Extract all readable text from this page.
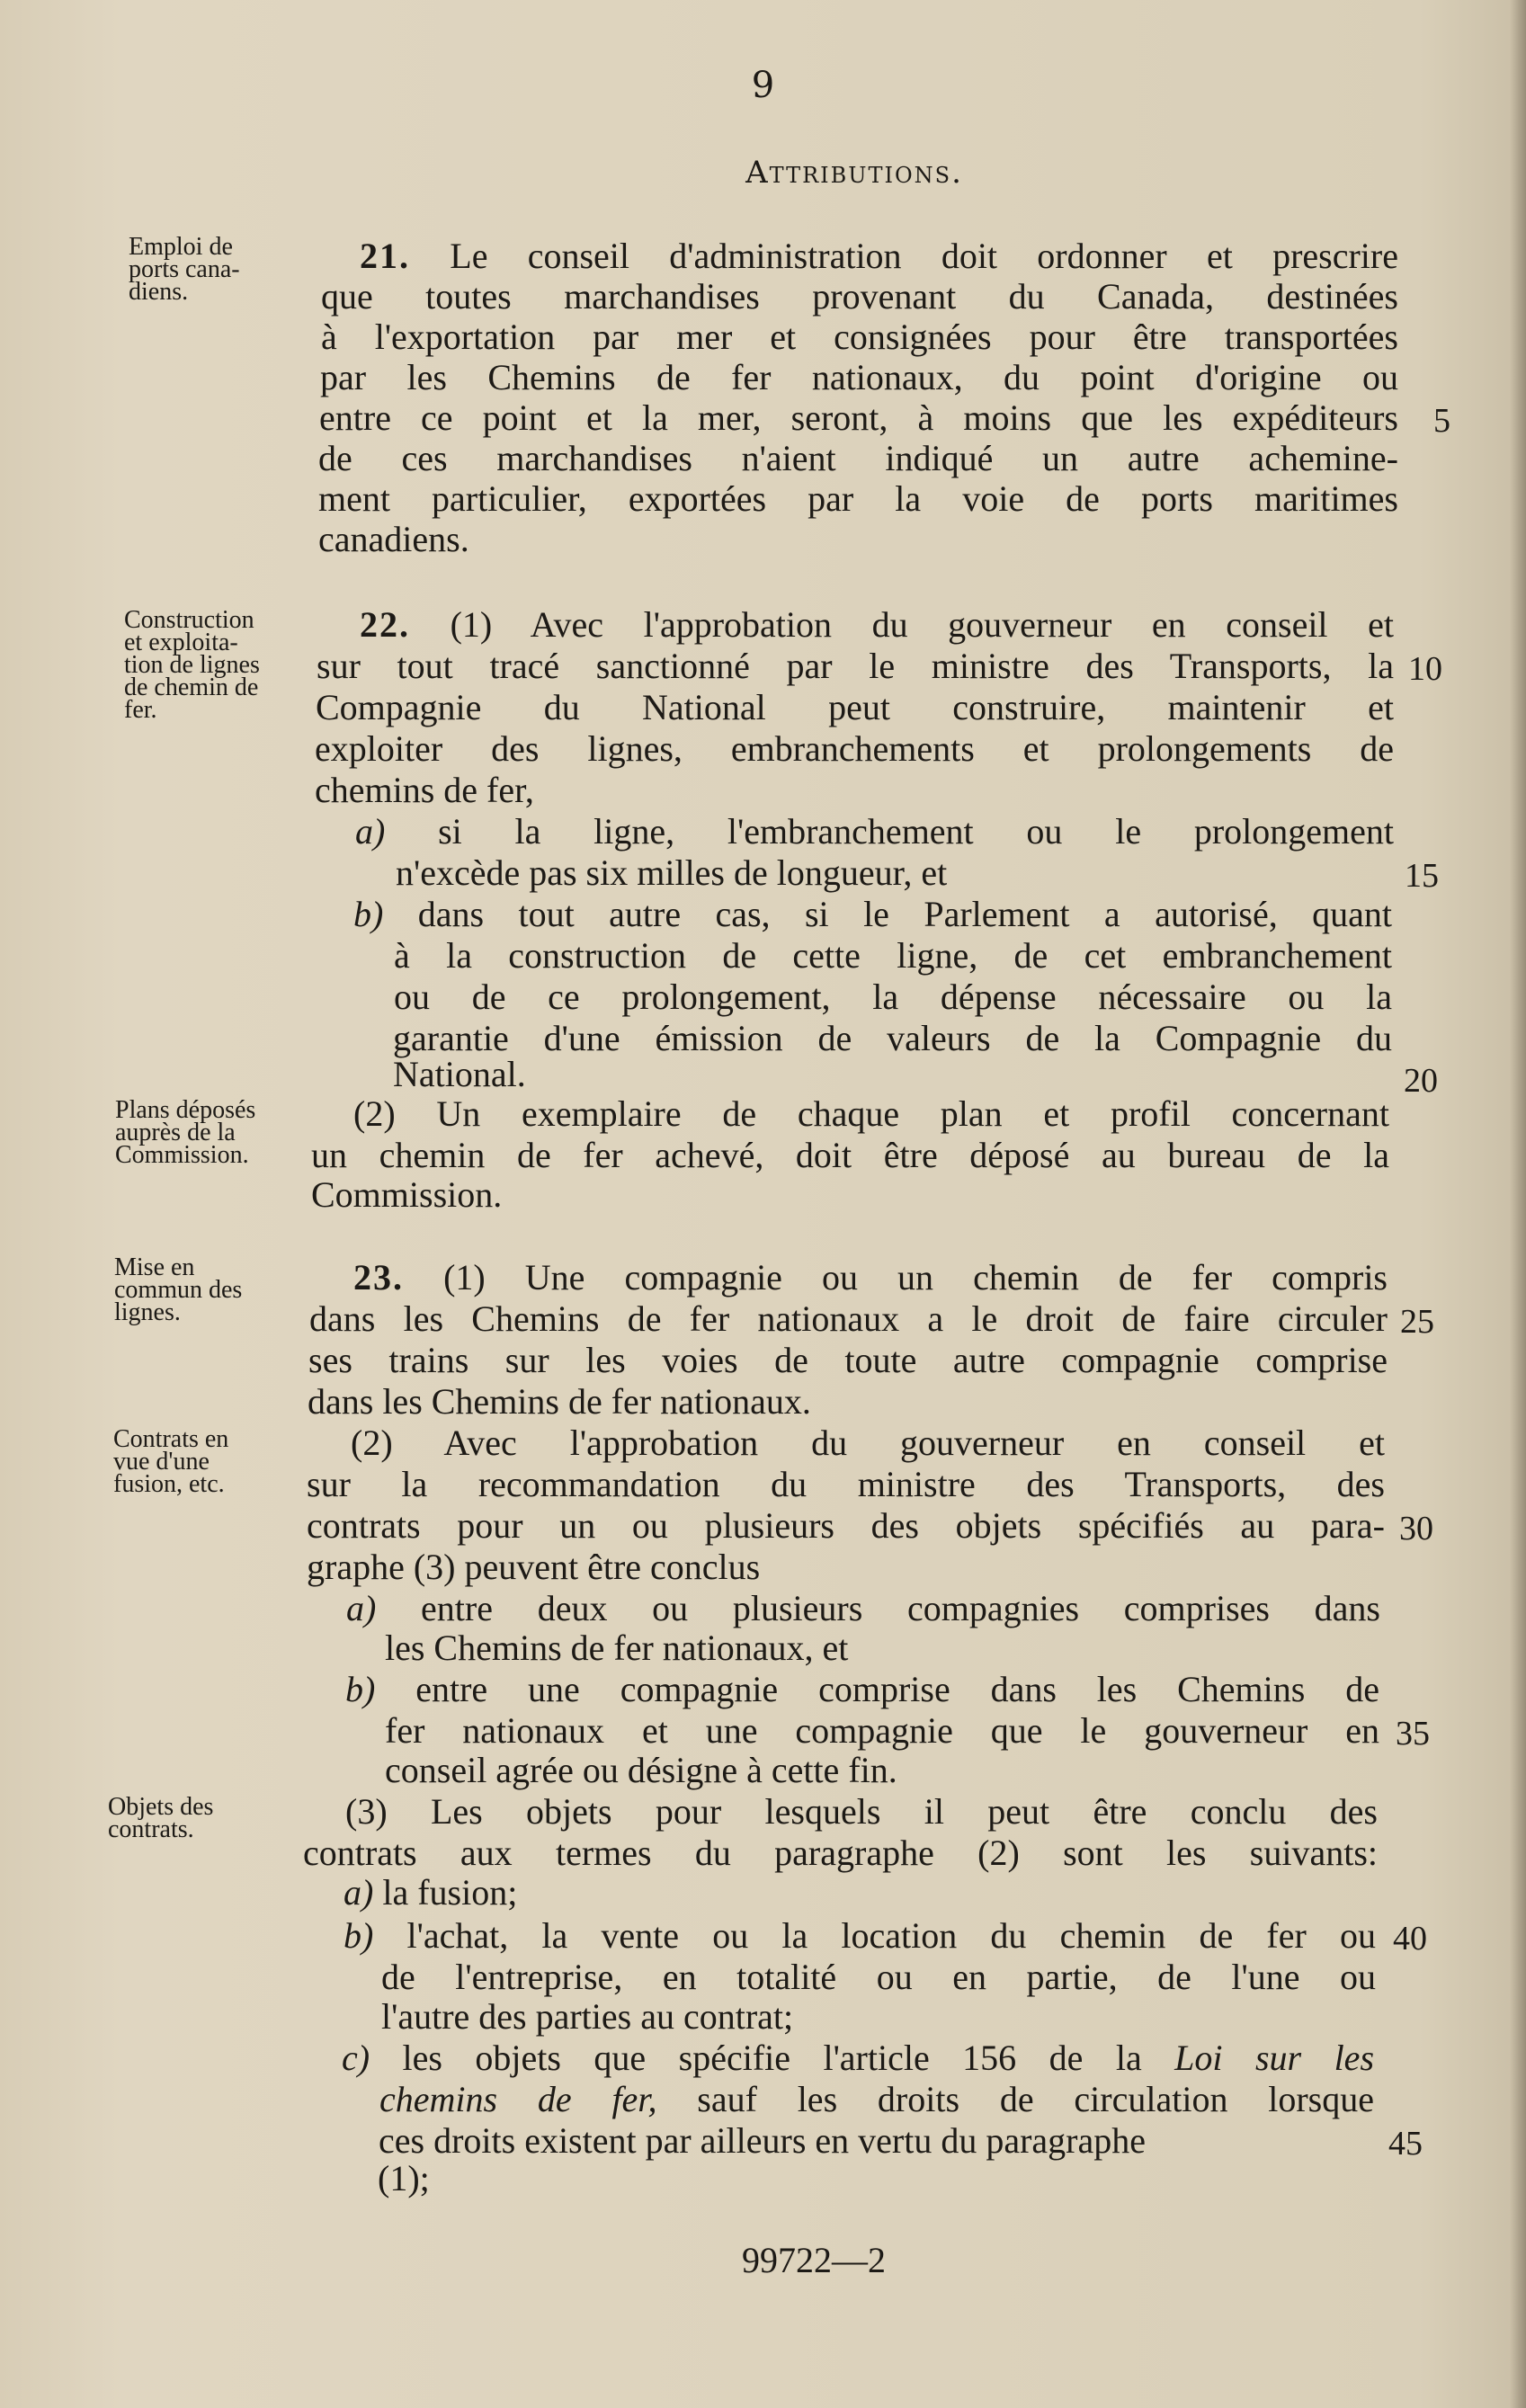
9
Attributions.
Emploi de
ports cana-
diens.
Construction
et exploita-
tion de lignes
de chemin de
fer.
Plans déposés
auprès de la
Commission.
Mise en
commun des
lignes.
Contrats en
vue d'une
fusion, etc.
Objets des
contrats.
21. Le conseil d'administration doit ordonner et prescrire
que toutes marchandises provenant du Canada, destinées
à l'exportation par mer et consignées pour être transportées
par les Chemins de fer nationaux, du point d'origine ou
entre ce point et la mer, seront, à moins que les expéditeurs
de ces marchandises n'aient indiqué un autre achemine-
ment particulier, exportées par la voie de ports maritimes
canadiens.
22. (1) Avec l'approbation du gouverneur en conseil et
sur tout tracé sanctionné par le ministre des Transports, la
Compagnie du National peut construire, maintenir et
exploiter des lignes, embranchements et prolongements de
chemins de fer,
a) si la ligne, l'embranchement ou le prolongement
n'excède pas six milles de longueur, et
b) dans tout autre cas, si le Parlement a autorisé, quant
à la construction de cette ligne, de cet embranchement
ou de ce prolongement, la dépense nécessaire ou la
garantie d'une émission de valeurs de la Compagnie du
National.
(2) Un exemplaire de chaque plan et profil concernant
un chemin de fer achevé, doit être déposé au bureau de la
Commission.
23. (1) Une compagnie ou un chemin de fer compris
dans les Chemins de fer nationaux a le droit de faire circuler
ses trains sur les voies de toute autre compagnie comprise
dans les Chemins de fer nationaux.
(2) Avec l'approbation du gouverneur en conseil et
sur la recommandation du ministre des Transports, des
contrats pour un ou plusieurs des objets spécifiés au para-
graphe (3) peuvent être conclus
a) entre deux ou plusieurs compagnies comprises dans
les Chemins de fer nationaux, et
b) entre une compagnie comprise dans les Chemins de
fer nationaux et une compagnie que le gouverneur en
conseil agrée ou désigne à cette fin.
(3) Les objets pour lesquels il peut être conclu des
contrats aux termes du paragraphe (2) sont les suivants:
a) la fusion;
b) l'achat, la vente ou la location du chemin de fer ou
de l'entreprise, en totalité ou en partie, de l'une ou
l'autre des parties au contrat;
c) les objets que spécifie l'article 156 de la Loi sur les
chemins de fer, sauf les droits de circulation lorsque
ces droits existent par ailleurs en vertu du paragraphe
(1);
5
10
15
20
25
30
35
40
45
99722—2
